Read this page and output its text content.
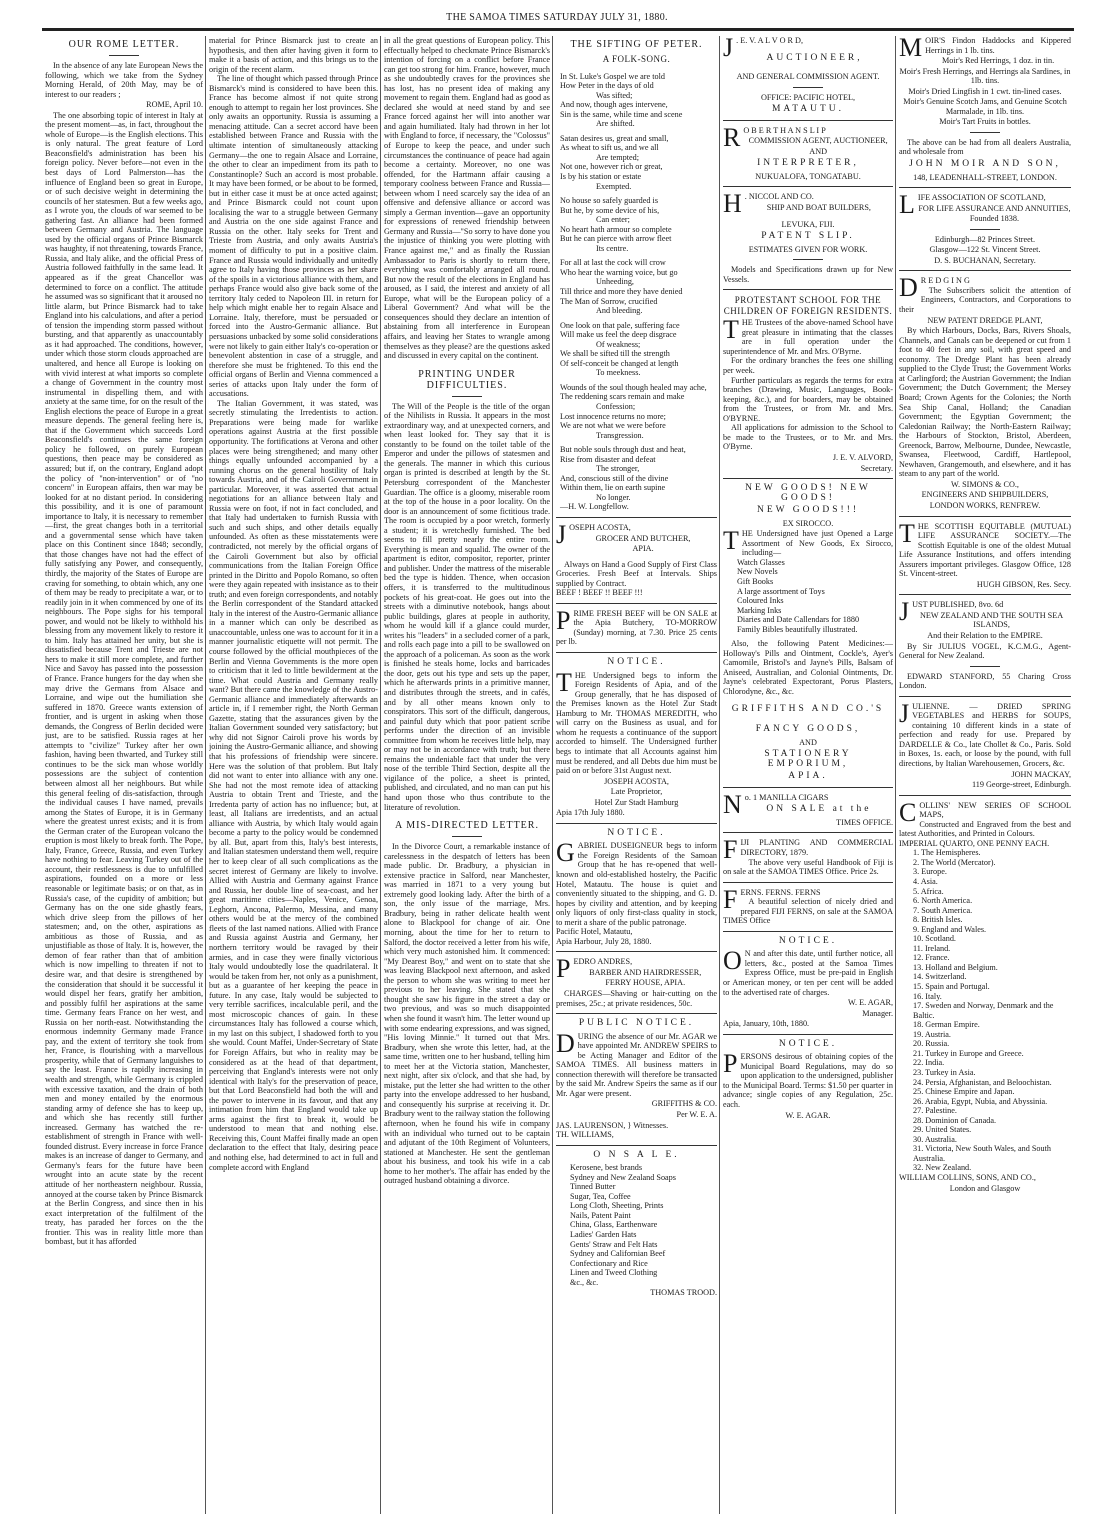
THE SAMOA TIMES SATURDAY JULY 31, 1880.
OUR ROME LETTER.
In the absence of any late European News the following, which we take from the Sydney Morning Herald, of 20th May, may be of interest to our readers ;
ROME, April 10.
The one absorbing topic of interest in Italy at the present moment—as, in fact, throughout the whole of Europe—is the English elections. This is only natural. The great feature of Lord Beaconsfield's administration has been his foreign policy. Never before—not even in the best days of Lord Palmerston—has the influence of England been so great in Europe, or of such decisive weight in determining the councils of her statesmen. But a few weeks ago, as I wrote you, the clouds of war seemed to be gathering fast. An alliance had been formed between Germany and Austria. The language used by the official organs of Prince Bismarck was haughty, if not threatening, towards France, Russia, and Italy alike, and the official Press of Austria followed faithfully in the same lead. It appeared as if the great Chancellor was determined to force on a conflict. The attitude he assumed was so significant that it aroused no little alarm, but Prince Bismarck had to take England into his calculations, and after a period of tension the impending storm passed without bursting, and that apparently as unaccountably as it had approached. The conditions, however, under which those storm clouds approached are unaltered, and hence all Europe is looking on with vivid interest at what imports so complete a change of Government in the country most instrumental in dispelling them, and with anxiety at the same time, for on the result of the English elections the peace of Europe in a great measure depends. The general feeling here is, that if the Government which succeeds Lord Beaconsfield's continues the same foreign policy he followed, on purely European questions, then peace may be considered as assured; but if, on the contrary, England adopt the policy of "non-intervention" or of "no concern" in European affairs, then war may be looked for at no distant period. In considering this possibility, and it is one of paramount importance to Italy, it is necessary to remember—first, the great changes both in a territorial and a governmental sense which have taken place on this Continent since 1848; secondly, that those changes have not had the effect of fully satisfying any Power, and consequently, thirdly, the majority of the States of Europe are craving for something, to obtain which, any one of them may be ready to precipitate a war, or to readily join in it when commenced by one of its neighbours. The Pope sighs for his temporal power, and would not be likely to withhold his blessing from any movement likely to restore it to him. Italy has attained her unity, but she is dissatisfied because Trent and Trieste are not hers to make it still more complete, and further Nice and Savoy has passed into the possession of France. France hungers for the day when she may drive the Germans from Alsace and Lorraine, and wipe out the humiliation she suffered in 1870. Greece wants extension of frontier, and is urgent in asking when those demands, the Congress of Berlin decided were just, are to be satisfied. Russia rages at her attempts to "civilize" Turkey after her own fashion, having been thwarted, and Turkey still continues to be the sick man whose worldly possessions are the subject of contention between almost all her neighbours. But while this general feeling of dis-satisfaction, through the individual causes I have named, prevails among the States of Europe, it is in Germany where the greatest unrest exists; and it is from the German crater of the European volcano the eruption is most likely to break forth. The Pope, Italy, France, Greece, Russia, and even Turkey have nothing to fear. Leaving Turkey out of the account, their restlessness is due to unfulfilled aspirations, founded on a more or less reasonable or legitimate basis; or on that, as in Russia's case, of the cupidity of ambition; but Germany has on the one side ghastly fears, which drive sleep from the pillows of her statesmen; and, on the other, aspirations as ambitious as those of Russia, and as unjustifiable as those of Italy. It is, however, the demon of fear rather than that of ambition which is now impelling to threaten if not to desire war, and that desire is strengthened by the consideration that should it be successful it would dispel her fears, gratify her ambition, and possibly fulfil her aspirations at the same time. Germany fears France on her west, and Russia on her north-east. Notwithstanding the enormous indemnity Germany made France pay, and the extent of territory she took from her, France, is flourishing with a marvellous prosperity, while that of Germany languishes to say the least. France is rapidly increasing in wealth and strength, while Germany is crippled with excessive taxation, and the drain of both men and money entailed by the enormous standing army of defence she has to keep up, and which she has recently still further increased. Germany has watched the re-establishment of strength in France with well-founded distrust. Every increase in force France makes is an increase of danger to Germany, and Germany's fears for the future have been wrought into an acute state by the recent attitude of her northeastern neighbour. Russia, annoyed at the course taken by Prince Bismarck at the Berlin Congress, and since then in his exact interpretation of the fulfilment of the treaty, has paraded her forces on the the frontier. This was in reality little more than bombast, but it has afforded
material for Prince Bismarck just to create an hypothesis, and then after having given it form to make it a basis of action, and this brings us to the origin of the recent alarm.
The line of thought which passed through Prince Bismarck's mind is considered to have been this. France has become almost if not quite strong enough to attempt to regain her lost provinces. She only awaits an opportunity. Russia is assuming a menacing attitude. Can a secret accord have been established between France and Russia with the ultimate intention of simultaneously attacking Germany—the one to regain Alsace and Lorraine, the other to clear an impediment from its path to Constantinople? Such an accord is most probable. It may have been formed, or be about to be formed, but in either case it must be at once acted against; and Prince Bismarck could not count upon localising the war to a struggle between Germany and Austria on the one side against France and Russia on the other. Italy seeks for Trent and Trieste from Austria, and only awaits Austria's moment of difficulty to put in a positive claim. France and Russia would individually and unitedly agree to Italy having those provinces as her share of the spoils in a victorious alliance with them, and perhaps France would also give back some of the territory Italy ceded to Napoleon III. in return for help which might enable her to regain Alsace and Lorraine. Italy, therefore, must be persuaded or forced into the Austro-Germanic alliance. But persuasions unbacked by some solid considerations were not likely to gain either Italy's co-operation or benevolent abstention in case of a struggle, and therefore she must be frightened. To this end the official organs of Berlin and Vienna commenced a series of attacks upon Italy under the form of accusations.
The Italian Government, it was stated, was secretly stimulating the Irredentists to action. Preparations were being made for warlike operations against Austria at the first possible opportunity. The fortifications at Verona and other places were being strengthened; and many other things equally unfounded accompanied by a running chorus on the general hostility of Italy towards Austria, and of the Cairoli Government in particular. Moreover, it was asserted that actual negotiations for an alliance between Italy and Russia were on foot, if not in fact concluded, and that Italy had undertaken to furnish Russia with such and such ships, and other details equally unfounded. As often as these misstatements were contradicted, not merely by the official organs of the Cairoli Government but also by official communications from the Italian Foreign Office printed in the Diritto and Popolo Romano, so often were they again repeated with insistance as to their truth; and even foreign correspondents, and notably the Berlin correspondent of the Standard attacked Italy in the interest of the Austro-Germanic alliance in a manner which can only be described as unaccountable, unless one was to account for it in a manner journalistic etiquette will not permit. The course followed by the official mouthpieces of the Berlin and Vienna Governments is the more open to criticism that it led to little bewilderment at the time. What could Austria and Germany really want? But there came the knowledge of the Austro-Germanic alliance and immediately afterwards an article in, if I remember right, the North German Gazette, stating that the assurances given by the Italian Government sounded very satisfactory; but why did not Signor Cairoli prove his words by joining the Austro-Germanic alliance, and showing that his professions of friendship were sincere. Here was the solution of that problem. But Italy did not want to enter into alliance with any one. She had not the most remote idea of attacking Austria to obtain Trent and Trieste, and the Irredenta party of action has no influence; but, at least, all Italians are irredentists, and an actual alliance with Austria, by which Italy would again become a party to the policy would be condemned by all. But, apart from this, Italy's best interests, and Italian statesmen understand them well, require her to keep clear of all such complications as the secret interest of Germany are likely to involve. Allied with Austria and Germany against France and Russia, her double line of sea-coast, and her great maritime cities—Naples, Venice, Genoa, Leghorn, Ancona, Palermo, Messina, and many others would be at the mercy of the combined fleets of the last named nations. Allied with France and Russia against Austria and Germany, her northern territory would be ravaged by their armies, and in case they were finally victorious Italy would undoubtedly lose the quadrilateral. It would be taken from her, not only as a punishment, but as a guarantee of her keeping the peace in future. In any case, Italy would be subjected to very terrible sacrifices, incalculable peril, and the most microscopic chances of gain. In these circumstances Italy has followed a course which, in my last on this subject, I shadowed forth to you she would. Count Maffei, Under-Secretary of State for Foreign Affairs, but who in reality may be considered as at the head of that department, perceiving that England's interests were not only identical with Italy's for the preservation of peace, but that Lord Beaconsfield had both the will and the power to intervene in its favour, and that any intimation from him that England would take up arms against the first to break it, would be understood to mean that and nothing else. Receiving this, Count Maffei finally made an open declaration to the effect that Italy, desiring peace and nothing else, had determined to act in full and complete accord with England
in all the great questions of European policy. This effectually helped to checkmate Prince Bismarck's intention of forcing on a conflict before France can get too strong for him. France, however, much as she undoubtedly craves for the provinces she has lost, has no present idea of making any movement to regain them. England had as good as declared she would at need stand by and see France forced against her will into another war and again humiliated. Italy had thrown in her lot with England to force, if necessary, the "Colossus" of Europe to keep the peace, and under such circumstances the continuance of peace had again become a certainty. Moreover, no one was offended, for the Hartmann affair causing a temporary coolness between France and Russia—between whom I need scarcely say the idea of an offensive and defensive alliance or accord was simply a German invention—gave an opportunity for expressions of renewed friendship between Germany and Russia—"So sorry to have done you the injustice of thinking you were plotting with France against me," and as finally the Russian Ambassador to Paris is shortly to return there, everything was comfortably arranged all round. But now the result of the elections in England has aroused, as I said, the interest and anxiety of all Europe, what will be the European policy of a Liberal Government? And what will be the consequences should they declare an intention of abstaining from all interference in European affairs, and leaving her States to wrangle among themselves as they please? are the questions asked and discussed in every capital on the continent.
PRINTING UNDER DIFFICULTIES.
The Will of the People is the title of the organ of the Nihilists in Russia. It appears in the most extraordinary way, and at unexpected corners, and when least looked for. They say that it is constantly to be found on the toilet table of the Emperor and under the pillows of statesmen and the generals. The manner in which this curious organ is printed is described at length by the St. Petersburg correspondent of the Manchester Guardian. The office is a gloomy, miserable room at the top of the house in a poor locality. On the door is an announcement of some fictitious trade. The room is occupied by a poor wretch, formerly a student; it is wretchedly furnished. The bed seems to fill pretty nearly the entire room. Everything is mean and squalid. The owner of the apartment is editor, compositor, reporter, printer and publisher. Under the mattress of the miserable bed the type is hidden. Thence, when occasion offers, it is transferred to the multitudinous pockets of his great-coat. He goes out into the streets with a diminutive notebook, hangs about public buildings, glares at people in authority, whom he would kill if a glance could murder, writes his "leaders" in a secluded corner of a park, and rolls each page into a pill to be swallowed on the approach of a policeman. As soon as the work is finished he steals home, locks and barricades the door, gets out his type and sets up the paper, which he afterwards prints in a primitive manner, and distributes through the streets, and in cafés, and by all other means known only to conspirators. This sort of the difficult, dangerous, and painful duty which that poor patient scribe performs under the direction of an invisible committee from whom he receives little help, may or may not be in accordance with truth; but there remains the undeniable fact that under the very nose of the terrible Third Section, despite all the vigilance of the police, a sheet is printed, published, and circulated, and no man can put his hand upon those who thus contribute to the literature of revolution.
A MIS-DIRECTED LETTER.
In the Divorce Court, a remarkable instance of carelessness in the despatch of letters has been made public. Dr. Bradbury, a physician in extensive practice in Salford, near Manchester, was married in 1871 to a very young but extremely good looking lady. After the birth of a son, the only issue of the marriage, Mrs. Bradbury, being in rather delicate health went alone to Blackpool for change of air. One morning, about the time for her to return to Salford, the doctor received a letter from his wife, which very much astonished him. It commenced: "My Dearest Boy," and went on to state that she was leaving Blackpool next afternoon, and asked the person to whom she was writing to meet her previous to her leaving. She stated that she thought she saw his figure in the street a day or two previous, and was so much disappointed when she found it wasn't him. The letter wound up with some endearing expressions, and was signed, "His loving Minnie." It turned out that Mrs. Bradbury, when she wrote this letter, had, at the same time, written one to her husband, telling him to meet her at the Victoria station, Manchester, next night, after six o'clock, and that she had, by mistake, put the letter she had written to the other party into the envelope addressed to her husband, and consequently his surprise at receiving it. Dr. Bradbury went to the railway station the following afternoon, when he found his wife in company with an individual who turned out to be captain and adjutant of the 10th Regiment of Volunteers, stationed at Manchester. He sent the gentleman about his business, and took his wife in a cab home to her mother's. The affair has ended by the outraged husband obtaining a divorce.
THE SIFTING OF PETER.
A FOLK-SONG.
In St. Luke's Gospel we are told
How Peter in the days of old
Was sifted;
And now, though ages intervene,
Sin is the same, while time and scene
Are shifted.
Satan desires us, great and small,
As wheat to sift us, and we all
Are tempted;
Not one, however rich or great,
Is by his station or estate
Exempted.
No house so safely guarded is
But he, by some device of his,
Can enter;
No heart hath armour so complete
But he can pierce with arrow fleet
Its centre.
For all at last the cock will crow
Who hear the warning voice, but go
Unheeding,
Till thrice and more they have denied
The Man of Sorrow, crucified
And bleeding.
One look on that pale, suffering face
Will make us feel the deep disgrace
Of weakness;
We shall be sifted till the strength
Of self-conceit be changed at length
To meekness.
Wounds of the soul though healed may ache,
The reddening scars remain and make
Confession;
Lost innocence returns no more;
We are not what we were before
Transgression.
But noble souls through dust and heat,
Rise from disaster and defeat
The stronger,
And, conscious still of the divine
Within them, lie on earth supine
No longer.
—H. W. Longfellow.
JOSEPH ACOSTA,
GROCER AND BUTCHER,
APIA.
Always on Hand a Good Supply of First Class Groceries. Fresh Beef at Intervals. Ships supplied by Contract.
BEEF ! BEEF !! BEEF !!!
PRIME FRESH BEEF will be ON SALE at the Apia Butchery, TO-MORROW (Sunday) morning, at 7.30. Price 25 cents per lb.
NOTICE.
THE Undersigned begs to inform the Foreign Residents of Apia, and of the Group generally, that he has disposed of the Premises known as the Hotel Zur Stadt Hamburg to Mr. THOMAS MEREDITH, who will carry on the Business as usual, and for whom he requests a continuance of the support accorded to himself. The Undersigned further begs to intimate that all Accounts against him must be rendered, and all Debts due him must be paid on or before 31st August next.
JOSEPH ACOSTA,
Late Proprietor,
Hotel Zur Stadt Hamburg
Apia 17th July 1880.
NOTICE.
GABRIEL DUSEIGNEUR begs to inform the Foreign Residents of the Samoan Group that he has re-opened that well-known and old-established hostelry, the Pacific Hotel, Matautu. The house is quiet and conveniently situated to the shipping, and G. D. hopes by civility and attention, and by keeping only liquors of only first-class quality in stock, to merit a share of the public patronage.
Pacific Hotel, Matautu,
Apia Harbour, July 28, 1880.
PEDRO ANDRES,
BARBER AND HAIRDRESSER,
FERRY HOUSE, APIA.
CHARGES—Shaving or hair-cutting on the premises, 25c.; at private residences, 50c.
PUBLIC NOTICE.
DURING the absence of our Mr. AGAR we have appointed Mr. ANDREW SPEIRS to be Acting Manager and Editor of the SAMOA TIMES. All business matters in connection therewith will therefore be transacted by the said Mr. Andrew Speirs the same as if our Mr. Agar were present.
GRIFFITHS & CO.
Per W. E. A.
JAS. LAURENSON, } Witnesses.
TH. WILLIAMS,
O N S A L E.
Kerosene, best brands
Sydney and New Zealand Soaps
Tinned Butter
Sugar, Tea, Coffee
Long Cloth, Sheeting, Prints
Nails, Patent Paint
China, Glass, Earthenware
Ladies' Garden Hats
Gents' Straw and Felt Hats
Sydney and Californian Beef
Confectionary and Rice
Linen and Tweed Clothing
&c., &c.
THOMAS TROOD.
J . E. V. A L V O R D,
AUCTIONEER,
AND GENERAL COMMISSION AGENT.
OFFICE: PACIFIC HOTEL,
MATAUTU.
R O B E R T H A N S L I P
COMMISSION AGENT, AUCTIONEER,
AND
INTERPRETER,
NUKUALOFA, TONGATABU.
H . NICCOL AND CO.
SHIP AND BOAT BUILDERS,
LEVUKA, FIJI.
PATENT SLIP.
ESTIMATES GIVEN FOR WORK.
Models and Specifications drawn up for New Vessels.
PROTESTANT SCHOOL FOR THE CHILDREN OF FOREIGN RESIDENTS.
THE Trustees of the above-named School have great pleasure in intimating that the classes are in full operation under the superintendence of Mr. and Mrs. O'Byrne.
For the ordinary branches the fees one shilling per week.
Further particulars as regards the terms for extra branches (Drawing, Music, Languages, Book-keeping, &c.), and for boarders, may be obtained from the Trustees, or from Mr. and Mrs. O'BYRNE.
All applications for admission to the School to be made to the Trustees, or to Mr. and Mrs. O'Byrne.
J. E. V. ALVORD,
Secretary.
NEW GOODS! NEW GOODS!
NEW GOODS!!!
EX SIROCCO.
THE Undersigned have just Opened a Large Assortment of New Goods, Ex Sirocco, including—
Watch Glasses
New Novels
Gift Books
A large assortment of Toys
Coloured Inks
Marking Inks
Diaries and Date Callendars for 1880
Family Bibles beautifully illustrated.
Also, the following Patent Medicines:—Holloway's Pills and Ointment, Cockle's, Ayer's Camomile, Bristol's and Jayne's Pills, Balsam of Aniseed, Australian, and Colonial Ointments, Dr. Jayne's celebrated Expectorant, Porus Plasters, Chlorodyne, &c., &c.
GRIFFITHS AND CO.'S
FANCY GOODS,
AND
STATIONERY EMPORIUM,
APIA.
No. 1 MANILLA CIGARS
ON SALE at the
TIMES OFFICE.
FIJI PLANTING AND COMMERCIAL DIRECTORY, 1879.
The above very useful Handbook of Fiji is on sale at the SAMOA TIMES Office. Price 2s.
FERNS. FERNS. FERNS
A beautiful selection of nicely dried and prepared FIJI FERNS, on sale at the SAMOA TIMES Office
NOTICE.
O N and after this date, until further notice, all letters, &c., posted at the Samoa Times Express Office, must be pre-paid in English or American money, or ten per cent will be added to the advertised rate of charges.
W. E. AGAR,
Manager.
Apia, January, 10th, 1880.
NOTICE.
PERSONS desirous of obtaining copies of the Municipal Board Regulations, may do so upon application to the undersigned, publisher to the Municipal Board. Terms: $1.50 per quarter in advance; single copies of any Regulation, 25c. each.
W. E. AGAR.
MOIR'S Findon Haddocks and Kippered Herrings in 1 lb. tins.
Moir's Red Herrings, 1 doz. in tin.
Moir's Fresh Herrings, and Herrings ala Sardines, in 1lb. tins.
Moir's Dried Lingfish in 1 cwt. tin-lined cases.
Moir's Genuine Scotch Jams, and Genuine Scotch Marmalade, in 1lb. tins.
Moir's Tart Fruits in bottles.
The above can be had from all dealers Australia, and wholesale from
JOHN MOIR AND SON,
148, LEADENHALL-STREET, LONDON.
LIFE ASSOCIATION OF SCOTLAND,
FOR LIFE ASSURANCE AND ANNUITIES,
Founded 1838.
Edinburgh—82 Princes Street.
Glasgow—122 St. Vincent Street.
D. S. BUCHANAN, Secretary.
D R E D G I N G
The Subscribers solicit the attention of Engineers, Contractors, and Corporations to their
NEW PATENT DREDGE PLANT,
By which Harbours, Docks, Bars, Rivers Shoals, Channels, and Canals can be deepened or cut from 1 foot to 40 feet in any soil, with great speed and economy. The Dredge Plant has been already supplied to the Clyde Trust; the Government Works at Carlingford; the Austrian Government; the Indian Government; the Dutch Government; the Mersey Board; Crown Agents for the Colonies; the North Sea Ship Canal, Holland; the Canadian Government; the Egyptian Government; the Caledonian Railway; the North-Eastern Railway; the Harbours of Stockton, Bristol, Aberdeen, Greenock, Barrow, Melbourne, Dundee, Newcastle, Swansea, Fleetwood, Cardiff, Hartlepool, Newhaven, Grangemouth, and elsewhere, and it has steam to any part of the world.
W. SIMONS & CO.,
ENGINEERS AND SHIPBUILDERS,
LONDON WORKS, RENFREW.
THE SCOTTISH EQUITABLE (MUTUAL) LIFE ASSURANCE SOCIETY.—The Scottish Equitable is one of the oldest Mutual Life Assurance Institutions, and offers intending Assurers important privileges. Glasgow Office, 128 St. Vincent-street.
HUGH GIBSON, Res. Secy.
JUST PUBLISHED, 8vo. 6d
NEW ZEALAND AND THE SOUTH SEA ISLANDS,
And their Relation to the EMPIRE.
By Sir JULIUS VOGEL, K.C.M.G., Agent-General for New Zealand.
EDWARD STANFORD, 55 Charing Cross London.
JULIENNE. — DRIED SPRING VEGETABLES and HERBS for SOUPS, containing 10 different kinds in a state of perfection and ready for use. Prepared by DARDELLE & Co., late Chollet & Co., Paris. Sold in Boxes, 1s. each, or loose by the pound, with full directions, by Italian Warehousemen, Grocers, &c.
JOHN MACKAY,
119 George-street, Edinburgh.
COLLINS' NEW SERIES OF SCHOOL MAPS,
Constructed and Engraved from the best and latest Authorities, and Printed in Colours.
IMPERIAL QUARTO, ONE PENNY EACH.
1. The Hemispheres.
2. The World (Mercator).
3. Europe.
4. Asia.
5. Africa.
6. North America.
7. South America.
8. British Isles.
9. England and Wales.
10. Scotland.
11. Ireland.
12. France.
13. Holland and Belgium.
14. Switzerland.
15. Spain and Portugal.
16. Italy.
17. Sweden and Norway, Denmark and the Baltic.
18. German Empire.
19. Austria.
20. Russia.
21. Turkey in Europe and Greece.
22. India.
23. Turkey in Asia.
24. Persia, Afghanistan, and Beloochistan.
25. Chinese Empire and Japan.
26. Arabia, Egypt, Nubia, and Abyssinia.
27. Palestine.
28. Dominion of Canada.
29. United States.
30. Australia.
31. Victoria, New South Wales, and South Australia.
32. New Zealand.
WILLIAM COLLINS, SONS, AND CO.,
London and Glasgow
